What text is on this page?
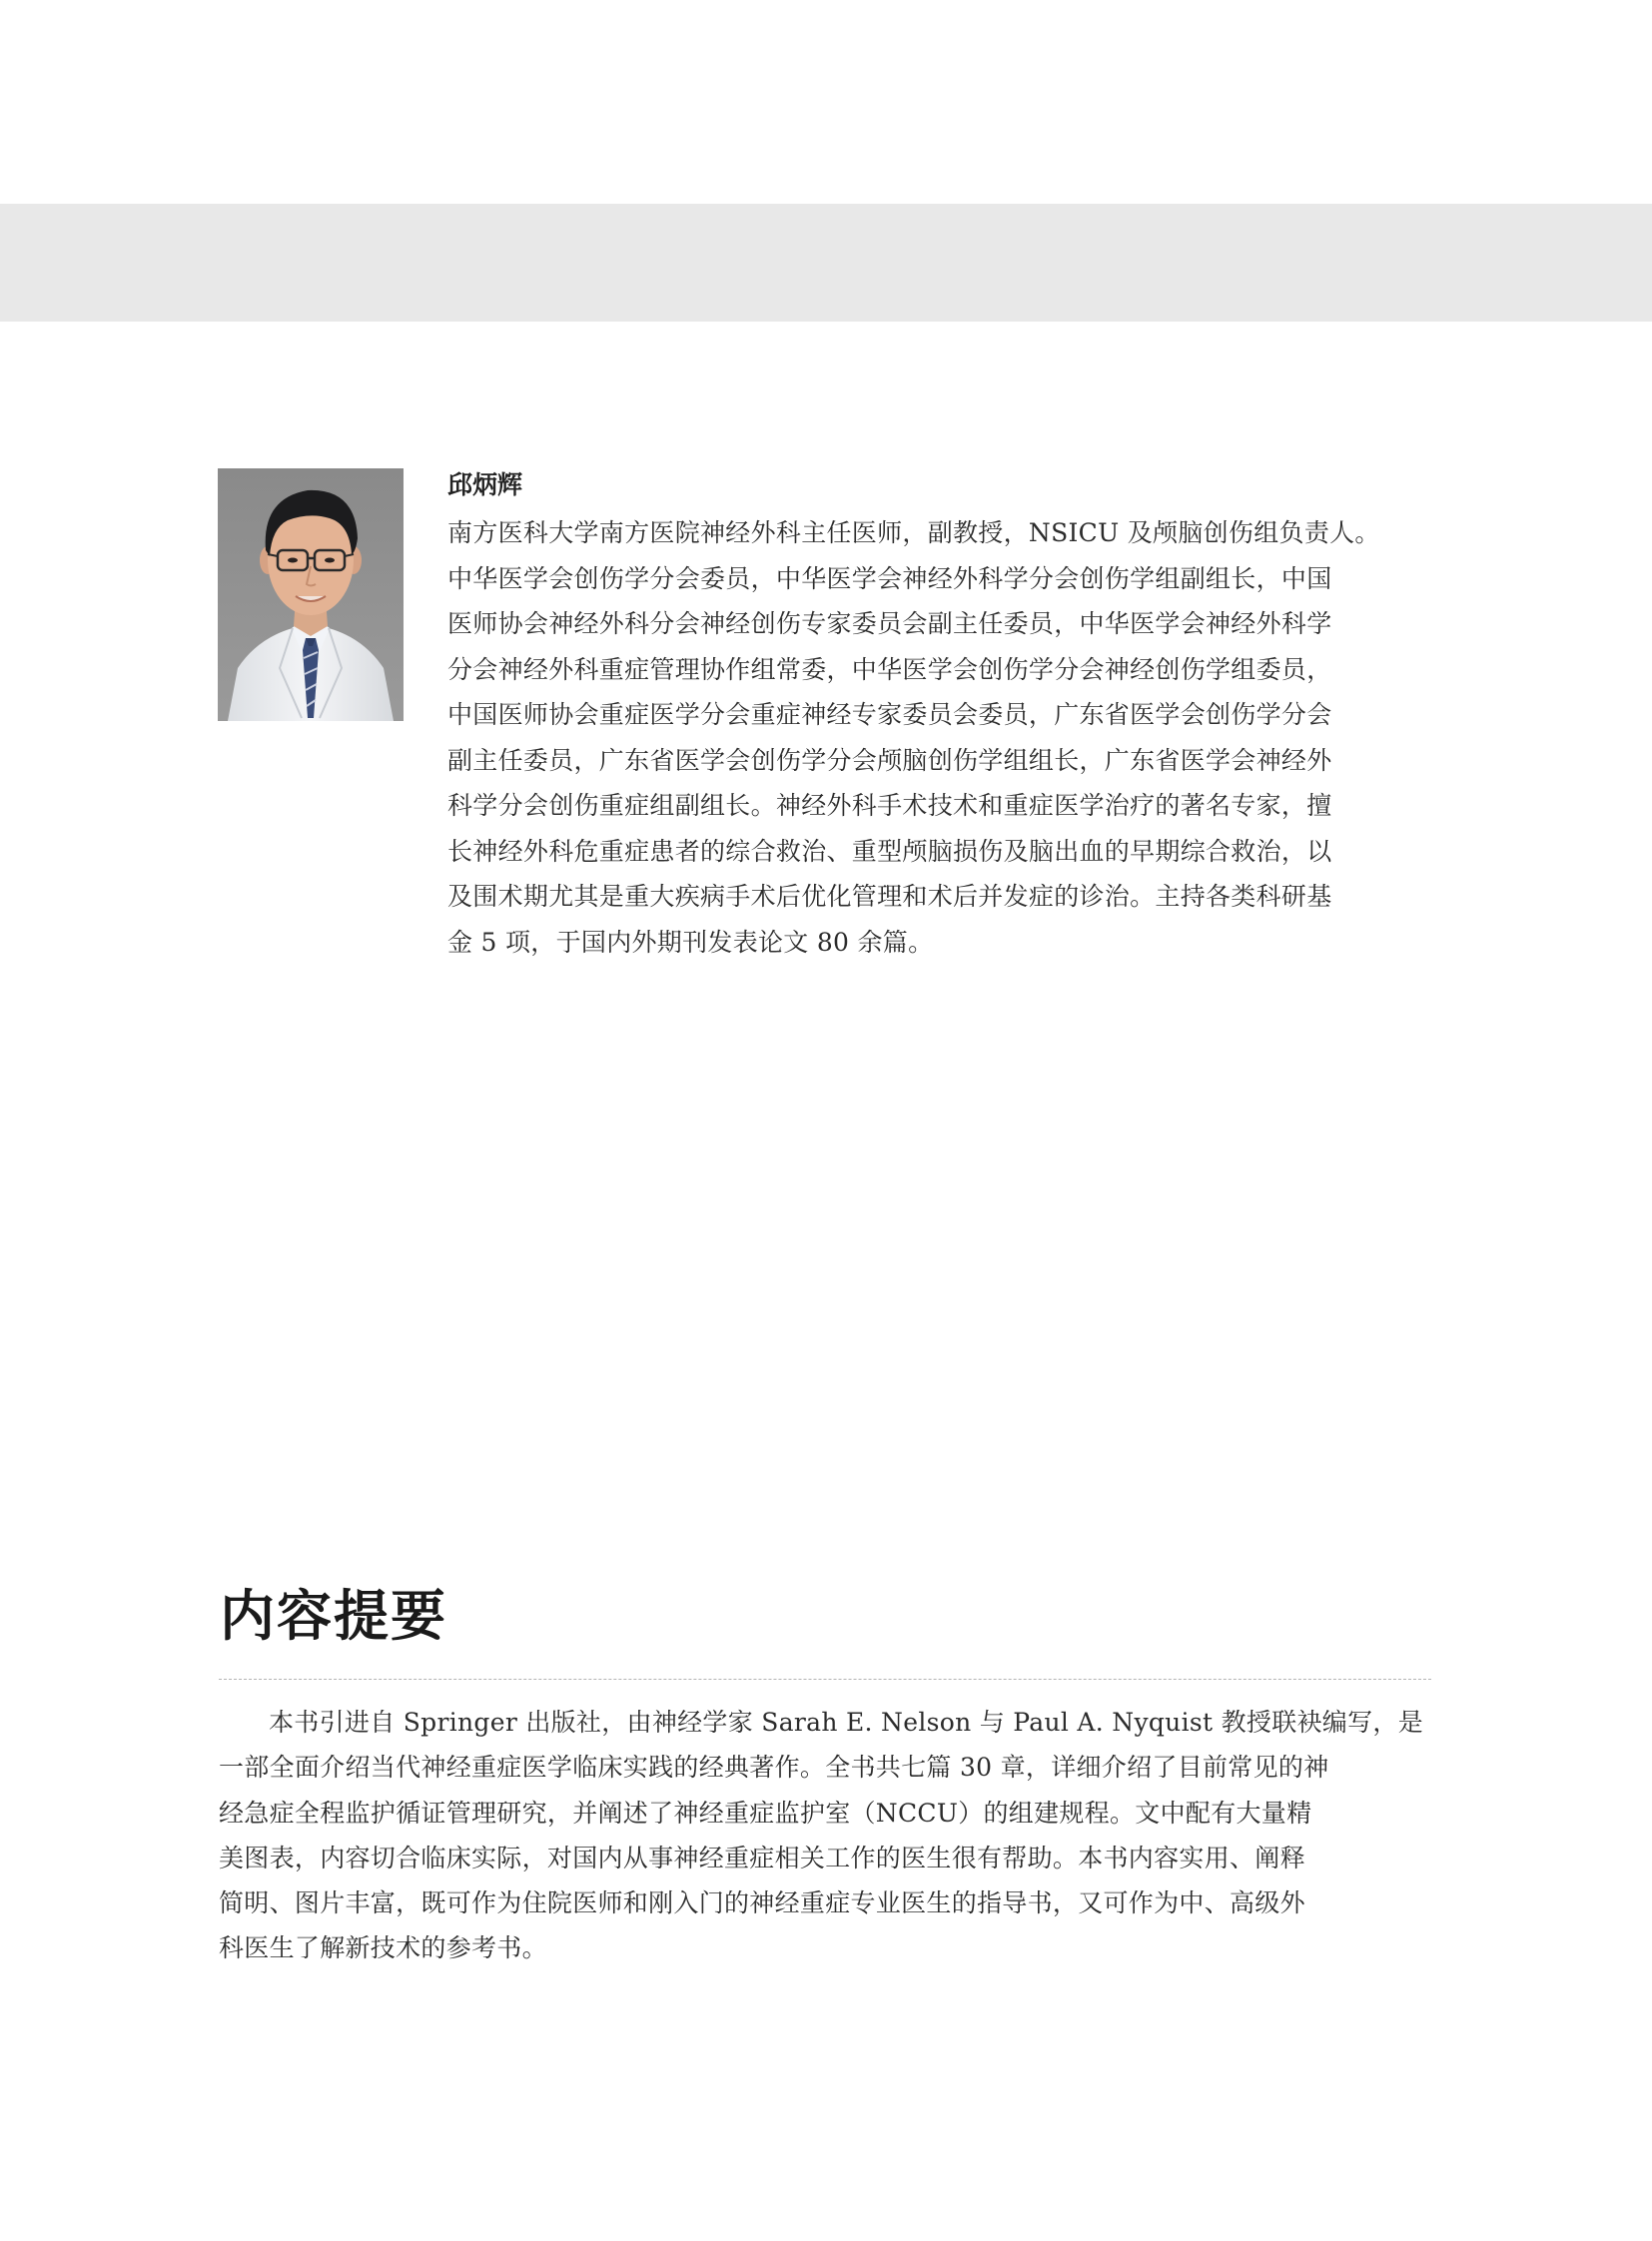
邱炳辉
南方医科大学南方医院神经外科主任医师，副教授，NSICU 及颅脑创伤组负责人。
中华医学会创伤学分会委员，中华医学会神经外科学分会创伤学组副组长，中国
医师协会神经外科分会神经创伤专家委员会副主任委员，中华医学会神经外科学
分会神经外科重症管理协作组常委，中华医学会创伤学分会神经创伤学组委员，
中国医师协会重症医学分会重症神经专家委员会委员，广东省医学会创伤学分会
副主任委员，广东省医学会创伤学分会颅脑创伤学组组长，广东省医学会神经外
科学分会创伤重症组副组长。神经外科手术技术和重症医学治疗的著名专家，擅
长神经外科危重症患者的综合救治、重型颅脑损伤及脑出血的早期综合救治，以
及围术期尤其是重大疾病手术后优化管理和术后并发症的诊治。主持各类科研基
金 5 项，于国内外期刊发表论文 80 余篇。
内容提要
本书引进自 Springer 出版社，由神经学家 Sarah E. Nelson 与 Paul A. Nyquist 教授联袂编写，是
一部全面介绍当代神经重症医学临床实践的经典著作。全书共七篇 30 章，详细介绍了目前常见的神
经急症全程监护循证管理研究，并阐述了神经重症监护室（NCCU）的组建规程。文中配有大量精
美图表，内容切合临床实际，对国内从事神经重症相关工作的医生很有帮助。本书内容实用、阐释
简明、图片丰富，既可作为住院医师和刚入门的神经重症专业医生的指导书，又可作为中、高级外
科医生了解新技术的参考书。
